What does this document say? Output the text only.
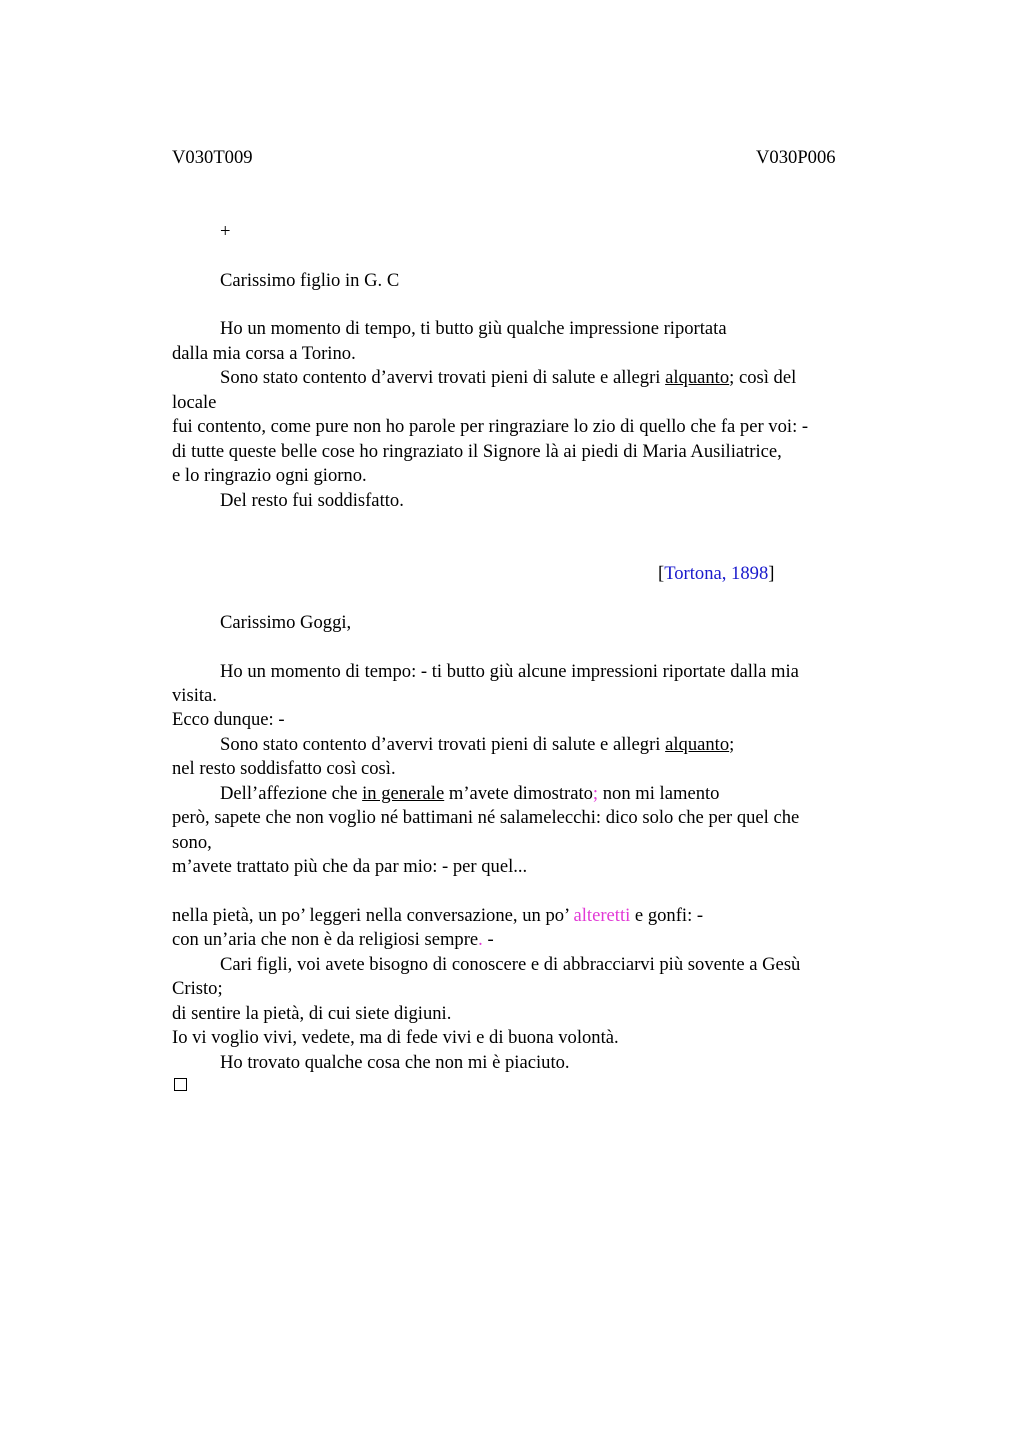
V030T009	V030P006
+
Carissimo figlio in G. C
Ho un momento di tempo, ti butto giù qualche impressione riportata
dalla mia corsa a Torino.
Sono stato contento d’avervi trovati pieni di salute e allegri alquanto; così del
locale
fui contento, come pure non ho parole per ringraziare lo zio di quello che fa per voi: -
di tutte queste belle cose ho ringraziato il Signore là ai piedi di Maria Ausiliatrice,
e lo ringrazio ogni giorno.
Del resto fui soddisfatto.
Carissimo Goggi,
Ho un momento di tempo: - ti butto giù alcune impressioni riportate dalla mia
visita.
Ecco dunque: -
Sono stato contento d’avervi trovati pieni di salute e allegri alquanto;
nel resto soddisfatto così così.
Dell’affezione che in generale m’avete dimostrato; non mi lamento
però, sapete che non voglio né battimani né salamelecchi: dico solo che per quel che
sono,
m’avete trattato più che da par mio: - per quel...
nella pietà, un po’ leggeri nella conversazione, un po’ alteretti e gonfi: -
con un’aria che non è da religiosi sempre. -
Cari figli, voi avete bisogno di conoscere e di abbracciarvi più sovente a Gesù
Cristo;
di sentire la pietà, di cui siete digiuni.
Io vi voglio vivi, vedete, ma di fede vivi e di buona volontà.
Ho trovato qualche cosa che non mi è piaciuto.
[Tortona, 1898]
